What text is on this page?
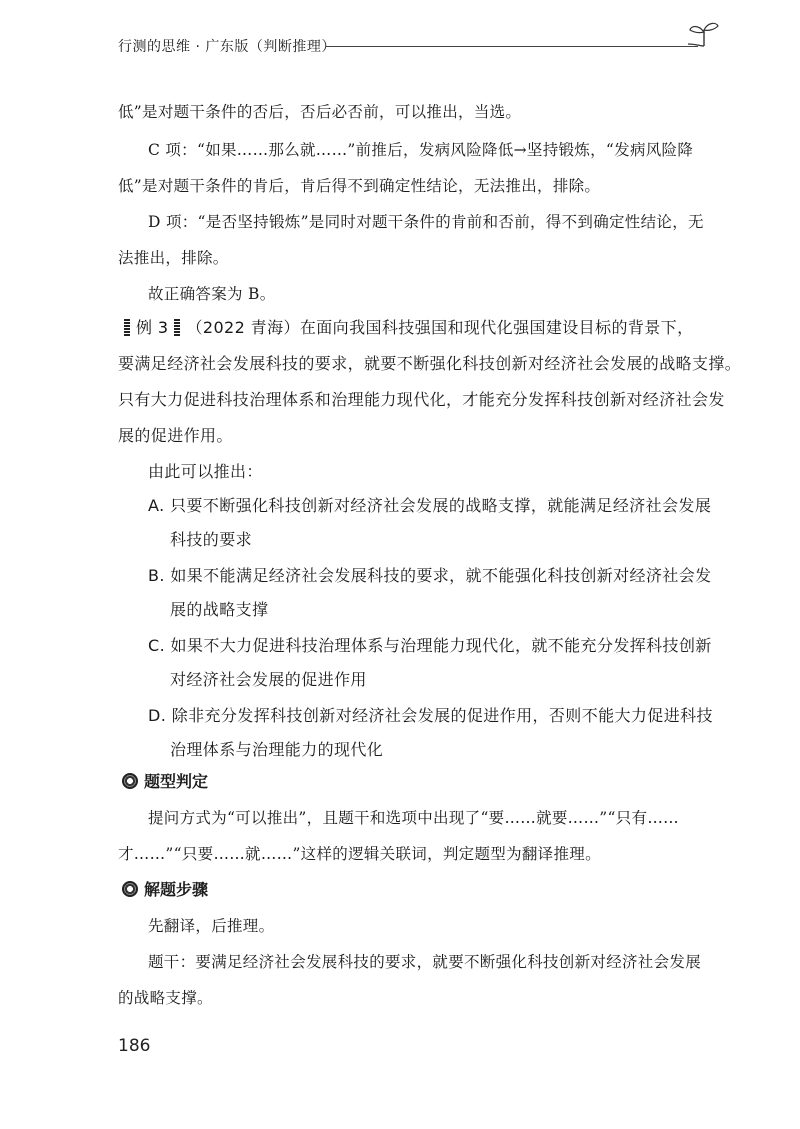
行测的思维 · 广东版（判断推理）
低”是对题干条件的否后，否后必否前，可以推出，当选。
C 项：“如果……那么就……”前推后，发病风险降低→坚持锻炼，“发病风险降
低”是对题干条件的肯后，肯后得不到确定性结论，无法推出，排除。
D 项：“是否坚持锻炼”是同时对题干条件的肯前和否前，得不到确定性结论，无
法推出，排除。
故正确答案为 B。
例 3 （2022 青海）在面向我国科技强国和现代化强国建设目标的背景下，
要满足经济社会发展科技的要求，就要不断强化科技创新对经济社会发展的战略支撑。
只有大力促进科技治理体系和治理能力现代化，才能充分发挥科技创新对经济社会发
展的促进作用。
由此可以推出：
A. 只要不断强化科技创新对经济社会发展的战略支撑，就能满足经济社会发展
科技的要求
B. 如果不能满足经济社会发展科技的要求，就不能强化科技创新对经济社会发
展的战略支撑
C. 如果不大力促进科技治理体系与治理能力现代化，就不能充分发挥科技创新
对经济社会发展的促进作用
D. 除非充分发挥科技创新对经济社会发展的促进作用，否则不能大力促进科技
治理体系与治理能力的现代化
题型判定
提问方式为“可以推出”，且题干和选项中出现了“要……就要……”“只有……
才……”“只要……就……”这样的逻辑关联词，判定题型为翻译推理。
解题步骤
先翻译，后推理。
题干：要满足经济社会发展科技的要求，就要不断强化科技创新对经济社会发展
的战略支撑。
186
